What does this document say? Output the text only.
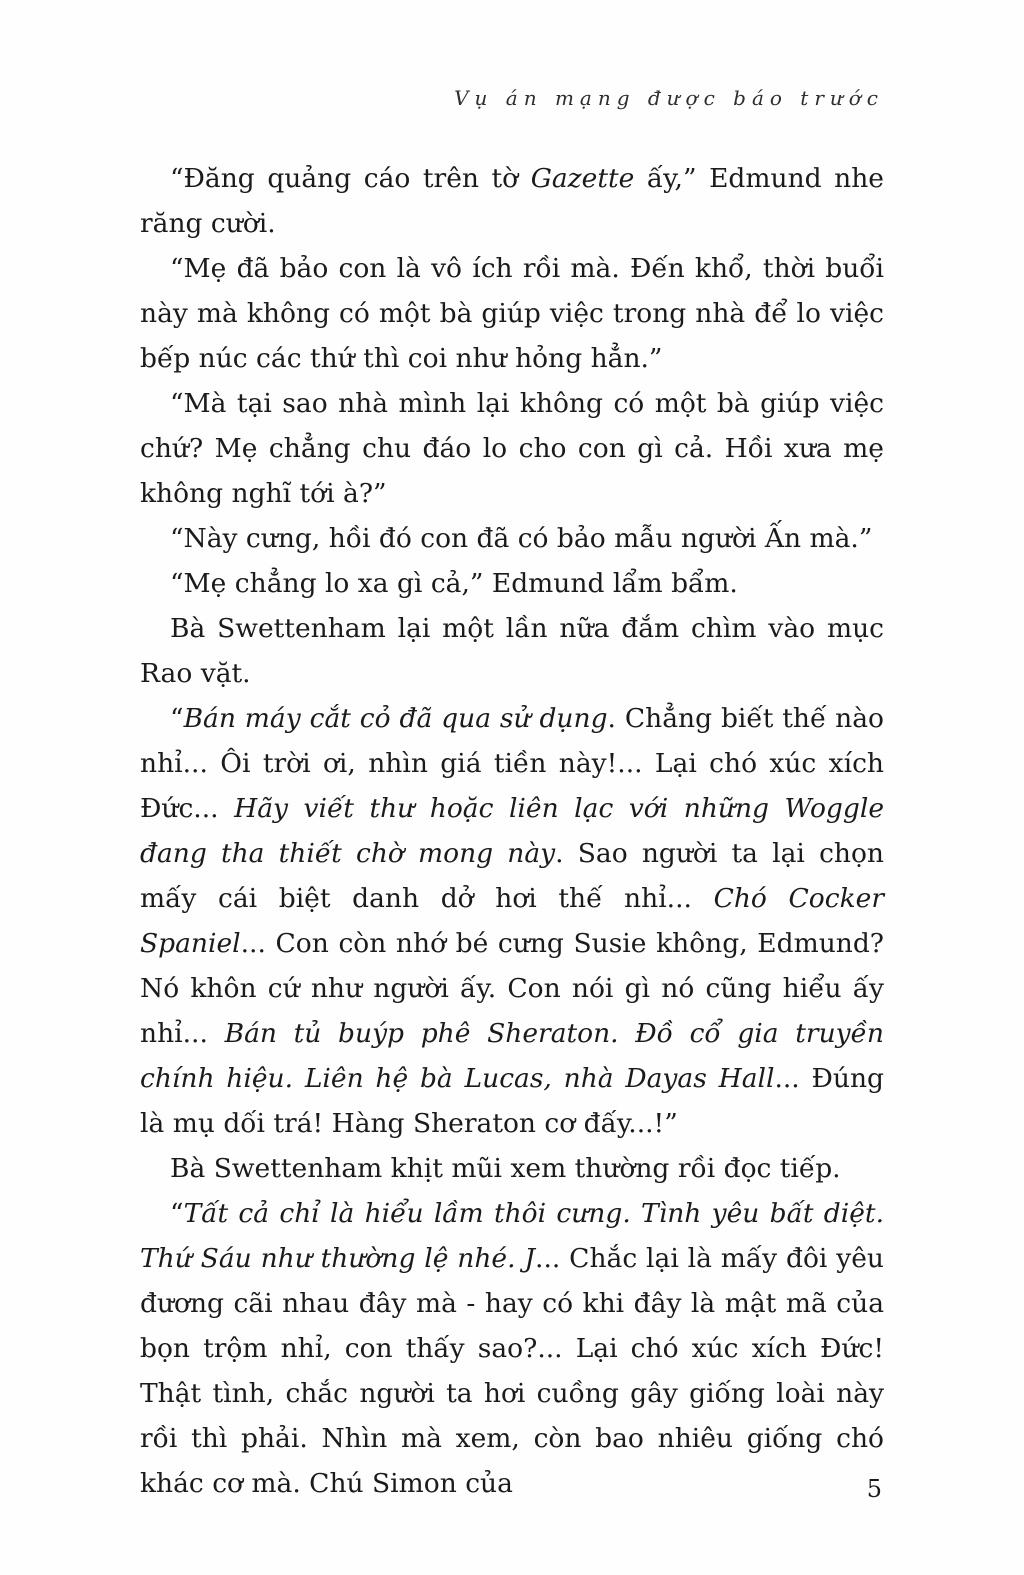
Vụ án mạng được báo trước

“Đăng quảng cáo trên tờ Gazette ấy,” Edmund nhe răng cười.

“Mẹ đã bảo con là vô ích rồi mà. Đến khổ, thời buổi này mà không có một bà giúp việc trong nhà để lo việc bếp núc các thứ thì coi như hỏng hẳn.”

“Mà tại sao nhà mình lại không có một bà giúp việc chứ? Mẹ chẳng chu đáo lo cho con gì cả. Hồi xưa mẹ không nghĩ tới à?”

“Này cưng, hồi đó con đã có bảo mẫu người Ấn mà.”

“Mẹ chẳng lo xa gì cả,” Edmund lẩm bẩm.

Bà Swettenham lại một lần nữa đắm chìm vào mục Rao vặt.

“Bán máy cắt cỏ đã qua sử dụng. Chẳng biết thế nào nhỉ... Ôi trời ơi, nhìn giá tiền này!... Lại chó xúc xích Đức... Hãy viết thư hoặc liên lạc với những Woggle đang tha thiết chờ mong này. Sao người ta lại chọn mấy cái biệt danh dở hơi thế nhỉ... Chó Cocker Spaniel... Con còn nhớ bé cưng Susie không, Edmund? Nó khôn cứ như người ấy. Con nói gì nó cũng hiểu ấy nhỉ... Bán tủ buýp phê Sheraton. Đồ cổ gia truyền chính hiệu. Liên hệ bà Lucas, nhà Dayas Hall... Đúng là mụ dối trá! Hàng Sheraton cơ đấy...!”

Bà Swettenham khịt mũi xem thường rồi đọc tiếp.

“Tất cả chỉ là hiểu lầm thôi cưng. Tình yêu bất diệt. Thứ Sáu như thường lệ nhé. J... Chắc lại là mấy đôi yêu đương cãi nhau đây mà - hay có khi đây là mật mã của bọn trộm nhỉ, con thấy sao?... Lại chó xúc xích Đức! Thật tình, chắc người ta hơi cuồng gây giống loài này rồi thì phải. Nhìn mà xem, còn bao nhiêu giống chó khác cơ mà. Chú Simon của	5
